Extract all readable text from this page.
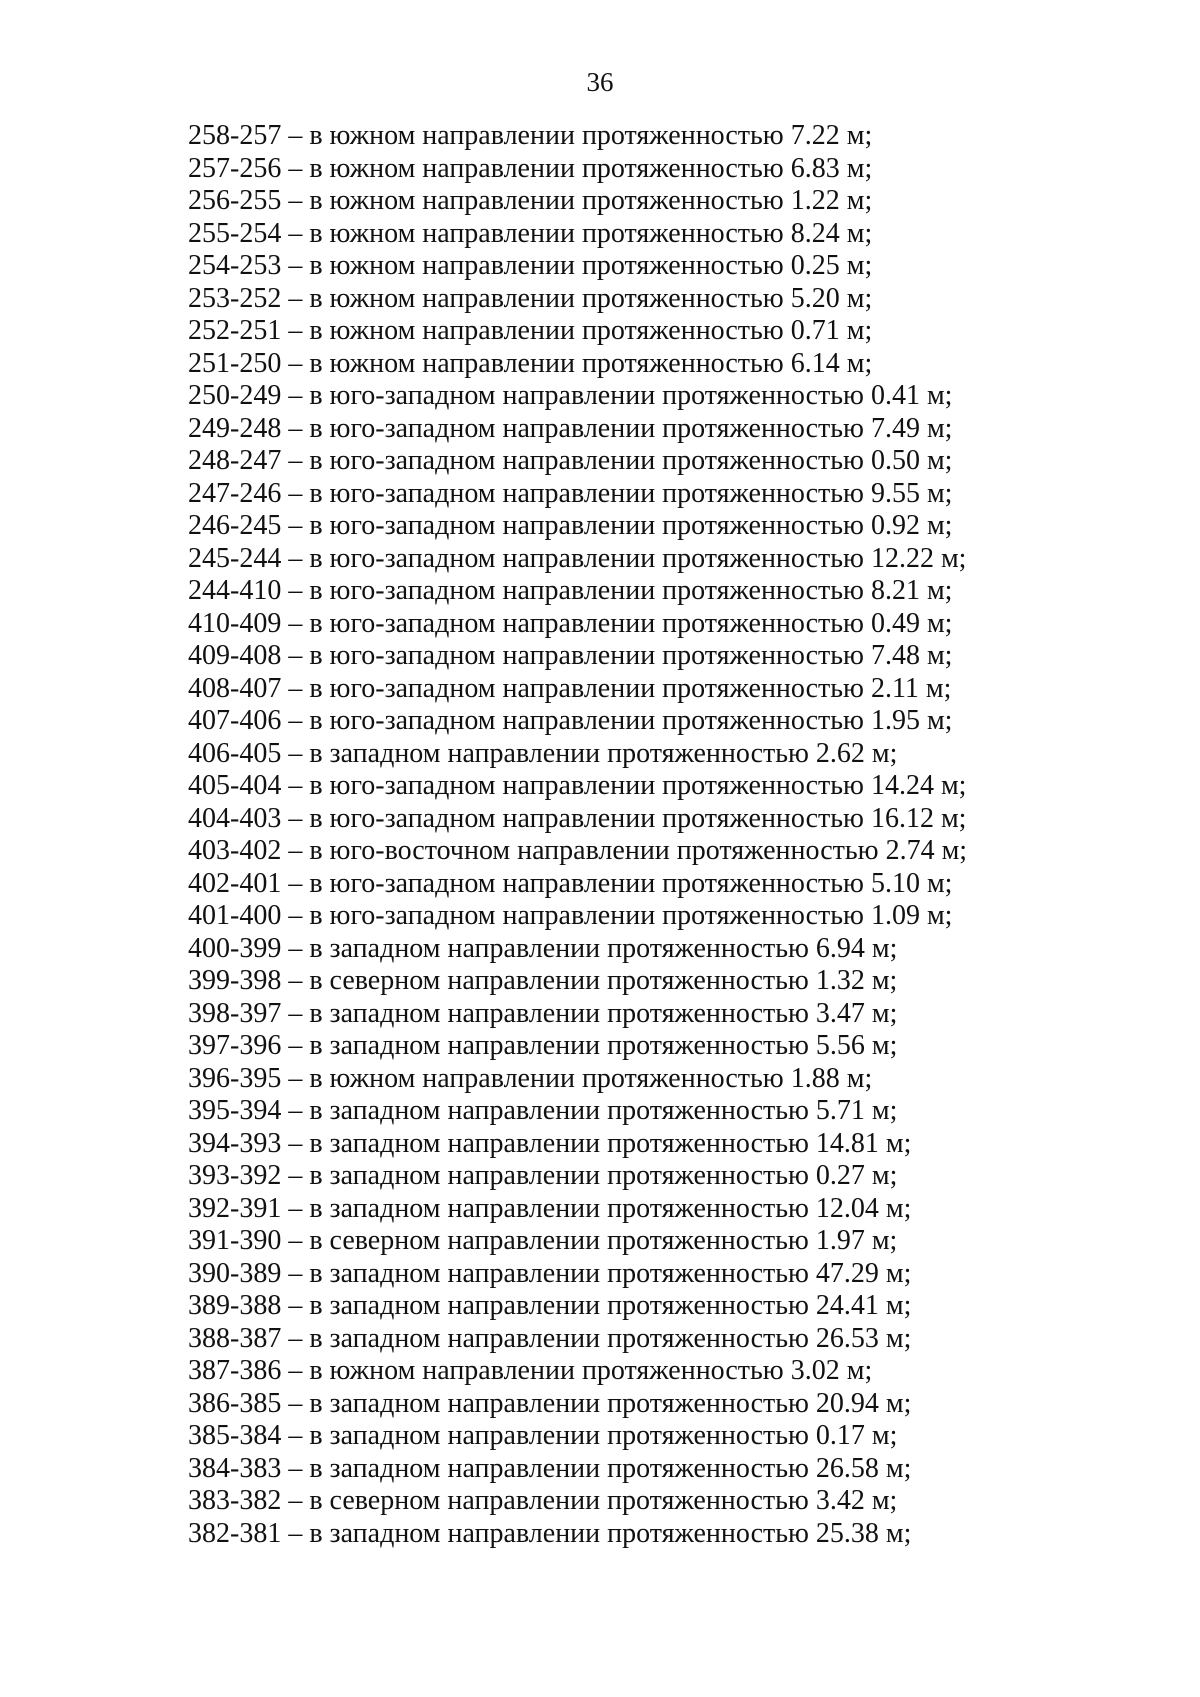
36
258-257 – в южном направлении протяженностью 7.22 м;
257-256 – в южном направлении протяженностью 6.83 м;
256-255 – в южном направлении протяженностью 1.22 м;
255-254 – в южном направлении протяженностью 8.24 м;
254-253 – в южном направлении протяженностью 0.25 м;
253-252 – в южном направлении протяженностью 5.20 м;
252-251 – в южном направлении протяженностью 0.71 м;
251-250 – в южном направлении протяженностью 6.14 м;
250-249 – в юго-западном направлении протяженностью 0.41 м;
249-248 – в юго-западном направлении протяженностью 7.49 м;
248-247 – в юго-западном направлении протяженностью 0.50 м;
247-246 – в юго-западном направлении протяженностью 9.55 м;
246-245 – в юго-западном направлении протяженностью 0.92 м;
245-244 – в юго-западном направлении протяженностью 12.22 м;
244-410 – в юго-западном направлении протяженностью 8.21 м;
410-409 – в юго-западном направлении протяженностью 0.49 м;
409-408 – в юго-западном направлении протяженностью 7.48 м;
408-407 – в юго-западном направлении протяженностью 2.11 м;
407-406 – в юго-западном направлении протяженностью 1.95 м;
406-405 – в западном направлении протяженностью 2.62 м;
405-404 – в юго-западном направлении протяженностью 14.24 м;
404-403 – в юго-западном направлении протяженностью 16.12 м;
403-402 – в юго-восточном направлении протяженностью 2.74 м;
402-401 – в юго-западном направлении протяженностью 5.10 м;
401-400 – в юго-западном направлении протяженностью 1.09 м;
400-399 – в западном направлении протяженностью 6.94 м;
399-398 – в северном направлении протяженностью 1.32 м;
398-397 – в западном направлении протяженностью 3.47 м;
397-396 – в западном направлении протяженностью 5.56 м;
396-395 – в южном направлении протяженностью 1.88 м;
395-394 – в западном направлении протяженностью 5.71 м;
394-393 – в западном направлении протяженностью 14.81 м;
393-392 – в западном направлении протяженностью 0.27 м;
392-391 – в западном направлении протяженностью 12.04 м;
391-390 – в северном направлении протяженностью 1.97 м;
390-389 – в западном направлении протяженностью 47.29 м;
389-388 – в западном направлении протяженностью 24.41 м;
388-387 – в западном направлении протяженностью 26.53 м;
387-386 – в южном направлении протяженностью 3.02 м;
386-385 – в западном направлении протяженностью 20.94 м;
385-384 – в западном направлении протяженностью 0.17 м;
384-383 – в западном направлении протяженностью 26.58 м;
383-382 – в северном направлении протяженностью 3.42 м;
382-381 – в западном направлении протяженностью 25.38 м;
